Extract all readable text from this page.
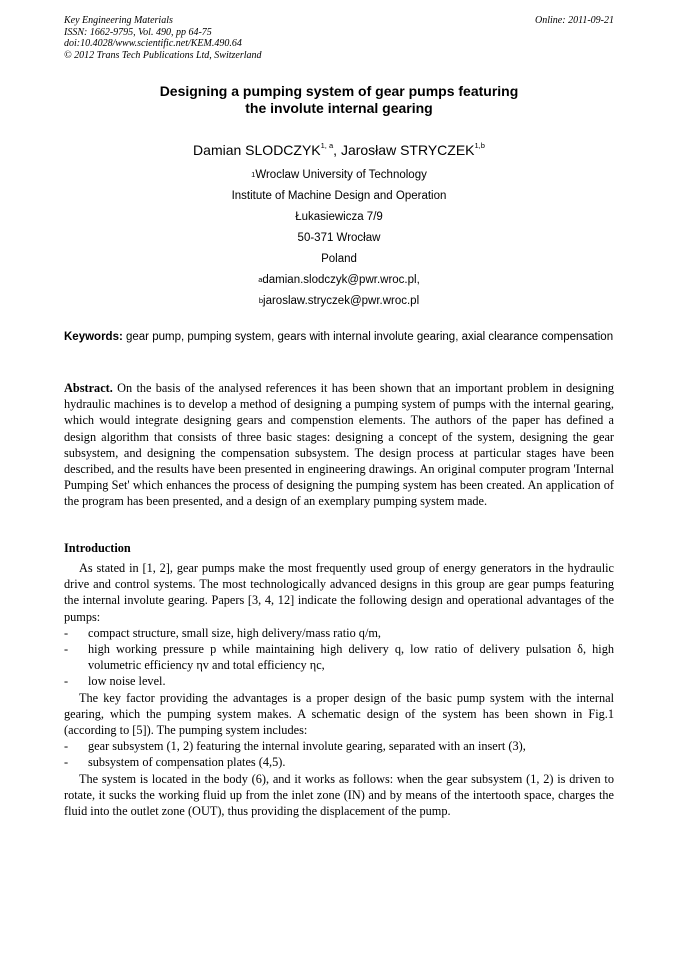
Key Engineering Materials
ISSN: 1662-9795, Vol. 490, pp 64-75
doi:10.4028/www.scientific.net/KEM.490.64
© 2012 Trans Tech Publications Ltd, Switzerland
Online: 2011-09-21
Designing a pumping system of gear pumps featuring
the involute internal gearing
Damian SLODCZYK$^{1, a}$, Jarosław STRYCZEK$^{1,b}$
$^1$Wroclaw University of Technology
Institute of Machine Design and Operation
Łukasiewicza 7/9
50-371 Wrocław
Poland
$^a$damian.slodczyk@pwr.wroc.pl,
$^b$jaroslaw.stryczek@pwr.wroc.pl
Keywords: gear pump, pumping system, gears with internal involute gearing, axial clearance compensation
Abstract. On the basis of the analysed references it has been shown that an important problem in designing hydraulic machines is to develop a method of designing a pumping system of pumps with the internal gearing, which would integrate designing gears and compenstion elements. The authors of the paper has defined a design algorithm that consists of three basic stages: designing a concept of the system, designing the gear subsystem, and designing the compensation subsystem. The design process at particular stages have been described, and the results have been presented in engineering drawings. An original computer program 'Internal Pumping Set' which enhances the process of designing the pumping system has been created. An application of the program has been presented, and a design of an exemplary pumping system made.
Introduction

As stated in [1, 2], gear pumps make the most frequently used group of energy generators in the hydraulic drive and control systems. The most technologically advanced designs in this group are gear pumps featuring the internal involute gearing. Papers [3, 4, 12] indicate the following design and operational advantages of the pumps:

- compact structure, small size, high delivery/mass ratio q/m,
- high working pressure p while maintaining high delivery q, low ratio of delivery pulsation δ, high volumetric efficiency ηv and total efficiency ηc,
- low noise level.

The key factor providing the advantages is a proper design of the basic pump system with the internal gearing, which the pumping system makes. A schematic design of the system has been shown in Fig.1 (according to [5]). The pumping system includes:

- gear subsystem (1, 2) featuring the internal involute gearing, separated with an insert (3),
- subsystem of compensation plates (4,5).

The system is located in the body (6), and it works as follows: when the gear subsystem (1, 2) is driven to rotate, it sucks the working fluid up from the inlet zone (IN) and by means of the intertooth space, charges the fluid into the outlet zone (OUT), thus providing the displacement of the pump.
